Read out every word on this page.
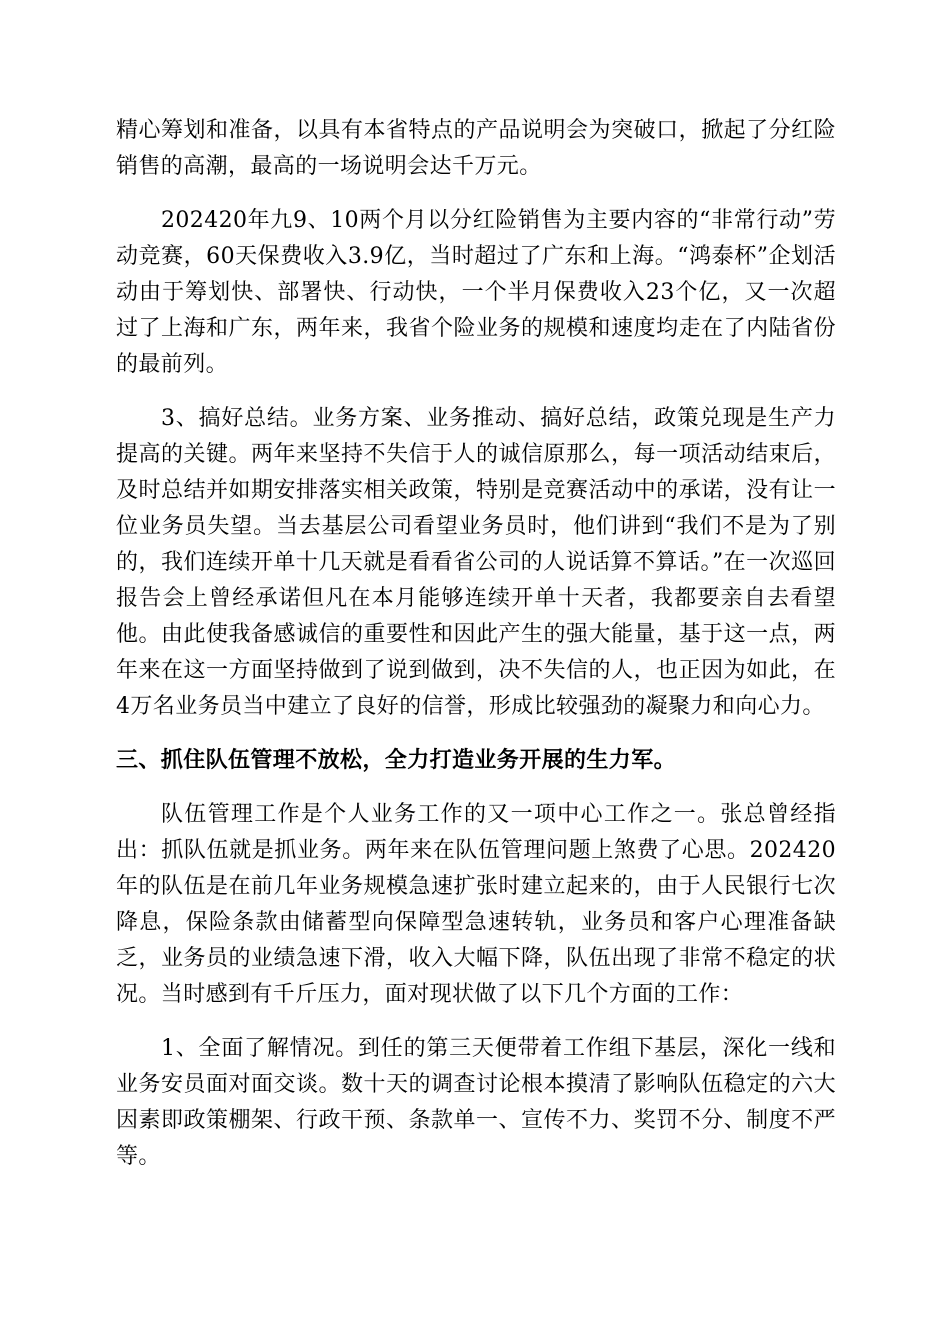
精心筹划和准备，以具有本省特点的产品说明会为突破口，掀起了分红险销售的高潮，最高的一场说明会达千万元。

202420年九9、10两个月以分红险销售为主要内容的“非常行动”劳动竞赛，60天保费收入3.9亿，当时超过了广东和上海。“鸿泰杯”企划活动由于筹划快、部署快、行动快，一个半月保费收入23个亿，又一次超过了上海和广东，两年来，我省个险业务的规模和速度均走在了内陆省份的最前列。

3、搞好总结。业务方案、业务推动、搞好总结，政策兑现是生产力提高的关键。两年来坚持不失信于人的诚信原那么，每一项活动结束后，及时总结并如期安排落实相关政策，特别是竞赛活动中的承诺，没有让一位业务员失望。当去基层公司看望业务员时，他们讲到“我们不是为了别的，我们连续开单十几天就是看看省公司的人说话算不算话。”在一次巡回报告会上曾经承诺但凡在本月能够连续开单十天者，我都要亲自去看望他。由此使我备感诚信的重要性和因此产生的强大能量，基于这一点，两年来在这一方面坚持做到了说到做到，决不失信的人，也正因为如此，在4万名业务员当中建立了良好的信誉，形成比较强劲的凝聚力和向心力。

三、抓住队伍管理不放松，全力打造业务开展的生力军。

队伍管理工作是个人业务工作的又一项中心工作之一。张总曾经指出：抓队伍就是抓业务。两年来在队伍管理问题上煞费了心思。202420年的队伍是在前几年业务规模急速扩张时建立起来的，由于人民银行七次降息，保险条款由储蓄型向保障型急速转轨，业务员和客户心理准备缺乏，业务员的业绩急速下滑，收入大幅下降，队伍出现了非常不稳定的状况。当时感到有千斤压力，面对现状做了以下几个方面的工作：

1、全面了解情况。到任的第三天便带着工作组下基层，深化一线和业务安员面对面交谈。数十天的调查讨论根本摸清了影响队伍稳定的六大因素即政策棚架、行政干预、条款单一、宣传不力、奖罚不分、制度不严等。
